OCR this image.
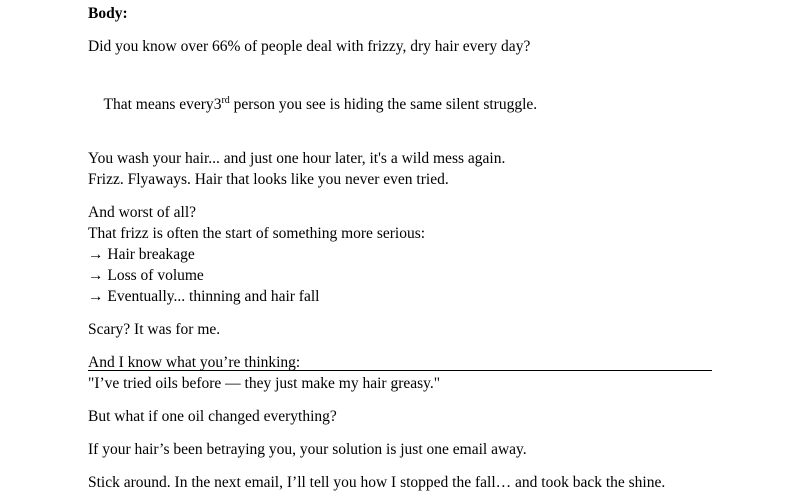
Body:
Did you know over 66% of people deal with frizzy, dry hair every day?

That means every3rd person you see is hiding the same silent struggle.

You wash your hair... and just one hour later, it's a wild mess again.
Frizz. Flyaways. Hair that looks like you never even tried.
And worst of all?
That frizz is often the start of something more serious:
→ Hair breakage
→ Loss of volume
→ Eventually... thinning and hair fall
Scary? It was for me.
And I know what you’re thinking:
"I’ve tried oils before — they just make my hair greasy."
But what if one oil changed everything?
If your hair’s been betraying you, your solution is just one email away.
Stick around. In the next email, I’ll tell you how I stopped the fall… and took back the shine.
